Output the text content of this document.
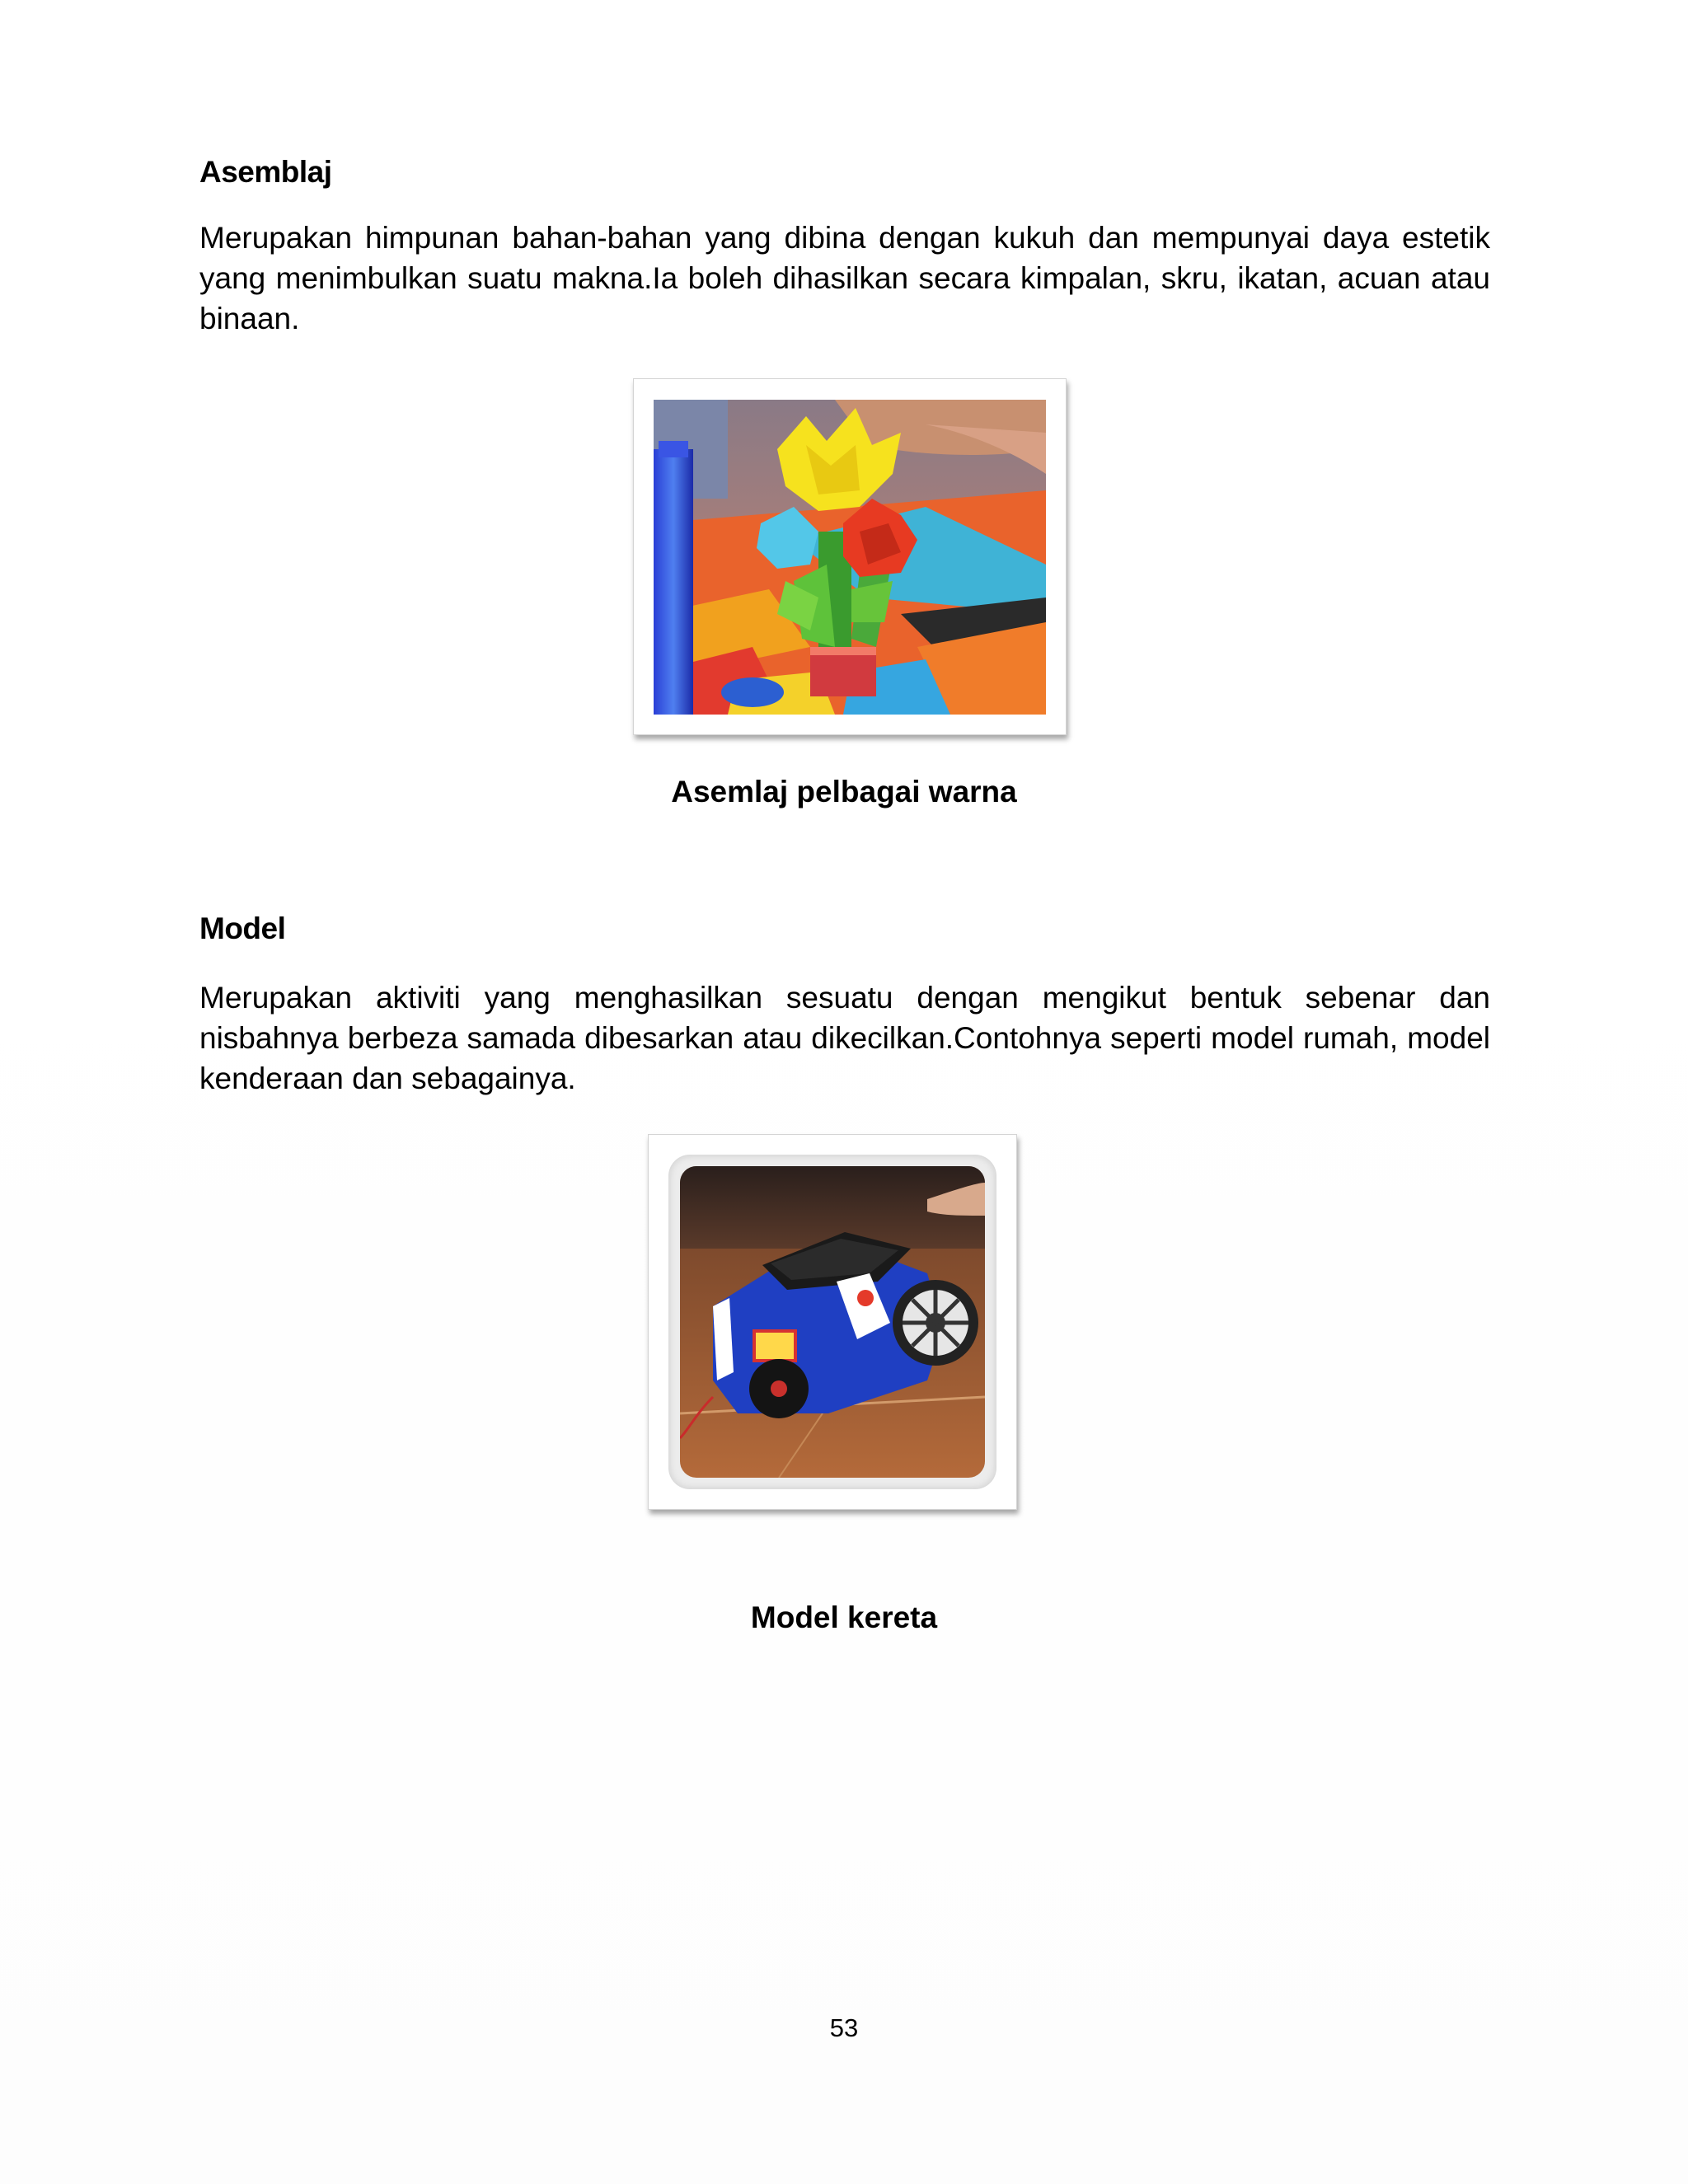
Asemblaj
Merupakan himpunan bahan-bahan yang dibina dengan kukuh dan mempunyai daya estetik yang menimbulkan suatu makna.Ia boleh dihasilkan secara kimpalan, skru, ikatan, acuan atau binaan.
Asemlaj pelbagai warna
Model
Merupakan aktiviti yang menghasilkan sesuatu dengan mengikut bentuk sebenar dan nisbahnya berbeza samada dibesarkan atau dikecilkan.Contohnya seperti model rumah, model kenderaan dan sebagainya.
Model kereta
53
